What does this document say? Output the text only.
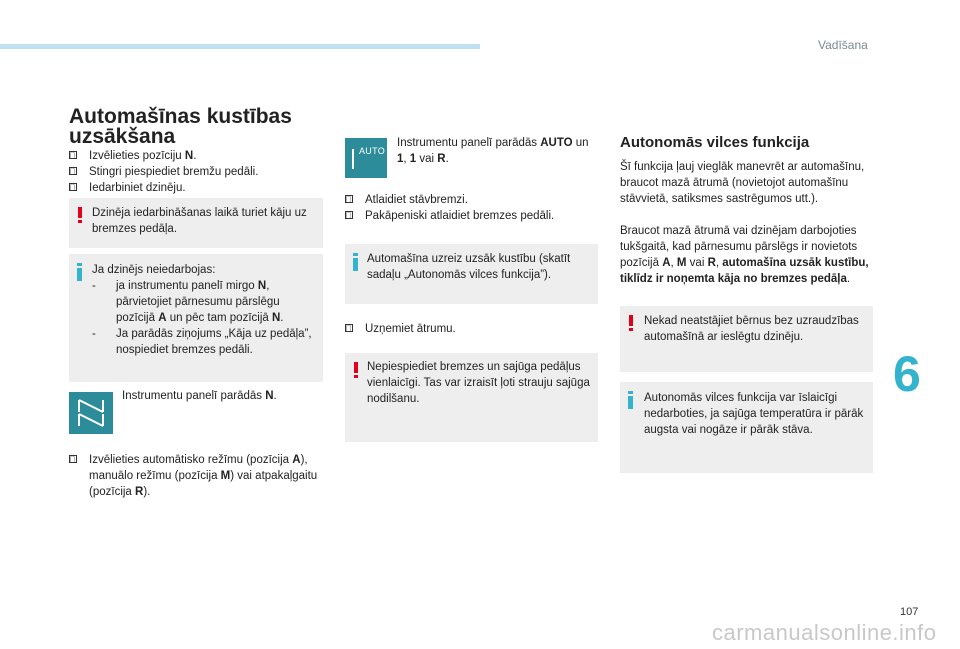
Vadīšana
6
107
carmanualsonline.info
Automašīnas kustības
uzsākšana
Izvēlieties pozīciju N.
Stingri piespiediet bremžu pedāli.
Iedarbiniet dzinēju.
Dzinēja iedarbināšanas laikā turiet kāju uz bremzes pedāļa.
Ja dzinējs neiedarbojas:
- ja instrumentu panelī mirgo N, pārvietojiet pārnesumu pārslēgu pozīcijā A un pēc tam pozīcijā N.
- Ja parādās ziņojums „Kāja uz pedāļa”, nospiediet bremzes pedāli.
Instrumentu panelī parādās N.
Izvēlieties automātisko režīmu (pozīcija A), manuālo režīmu (pozīcija M) vai atpakaļgaitu (pozīcija R).
AUTO
Instrumentu panelī parādās AUTO un 1, 1 vai R.
Atlaidiet stāvbremzi.
Pakāpeniski atlaidiet bremzes pedāli.
Automašīna uzreiz uzsāk kustību (skatīt sadaļu „Autonomās vilces funkcija”).
Uzņemiet ātrumu.
Nepiespiediet bremzes un sajūga pedāļus vienlaicīgi. Tas var izraisīt ļoti strauju sajūga nodilšanu.
Autonomās vilces funkcija
Šī funkcija ļauj vieglāk manevrēt ar automašīnu, braucot mazā ātrumā (novietojot automašīnu stāvvietā, satiksmes sastrēgumos utt.).
Braucot mazā ātrumā vai dzinējam darbojoties tukšgaitā, kad pārnesumu pārslēgs ir novietots pozīcijā A, M vai R, automašīna uzsāk kustību, tiklīdz ir noņemta kāja no bremzes pedāļa.
Nekad neatstājiet bērnus bez uzraudzības automašīnā ar ieslēgtu dzinēju.
Autonomās vilces funkcija var īslaicīgi nedarboties, ja sajūga temperatūra ir pārāk augsta vai nogāze ir pārāk stāva.
